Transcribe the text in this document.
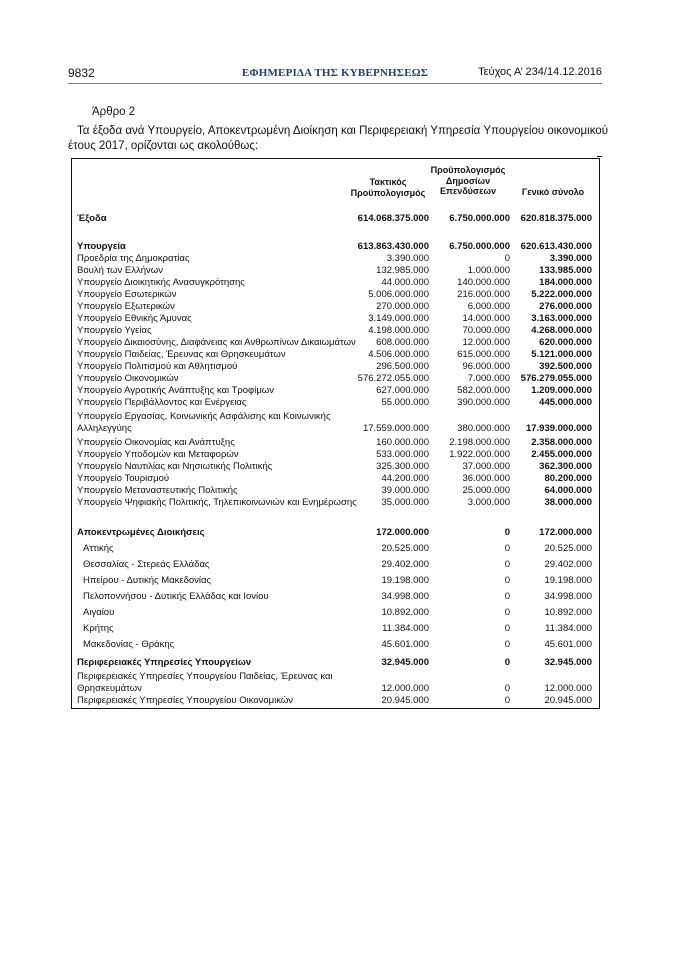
9832	ΕΦΗΜΕΡΙΔΑ ΤΗΣ ΚΥΒΕΡΝΗΣΕΩΣ	Τεύχος Α’ 234/14.12.2016
Άρθρο 2
Τα έξοδα ανά Υπουργείο, Αποκεντρωμένη Διοίκηση και Περιφερειακή Υπηρεσία Υπουργείου οικονομικού έτους 2017, ορίζονται ως ακολούθως:
Τακτικός Προϋπολογισμός
Προϋπολογισμός Δημοσίων Επενδύσεων	Γενικό σύνολο
Έξοδα	614.068.375.000 6.750.000.000 620.818.375.000
Υπουργεία	613.863.430.000 6.750.000.000 620.613.430.000
Προεδρία της Δημοκρατίας	3.390.000	0	3.390.000
Βουλή των Ελλήνων	132.985.000	1.000.000	133.985.000
Υπουργείο Διοικητικής Ανασυγκρότησης	44.000.000	140.000.000	184.000.000
Υπουργείο Εσωτερικών	5.006.000.000	216.000.000 5.222.000.000
Υπουργείο Εξωτερικών	270.000.000	6.000.000	276.000.000
Υπουργείο Εθνικής Άμυνας	3.149.000.000	14.000.000 3.163.000.000
Υπουργείο Υγείας	4.198.000.000	70.000.000 4.268.000.000
Υπουργείο Δικαιοσύνης, Διαφάνειας και Ανθρωπίνων Δικαιωμάτων 608.000.000	12.000.000	620.000.000
Υπουργείο Παιδείας, Έρευνας και Θρησκευμάτων	4.506.000.000	615.000.000 5.121.000.000
Υπουργείο Πολιτισμού και Αθλητισμού	296.500.000	96.000.000	392.500.000
Υπουργείο Οικονομικών	576.272.055.000	7.000.000 576.279.055.000
Υπουργείο Αγροτικής Ανάπτυξης και Τροφίμων	627.000.000	582.000.000 1.209.000.000
Υπουργείο Περιβάλλοντος και Ενέργειας	55.000.000	390.000.000	445.000.000
Υπουργείο Εργασίας, Κοινωνικής Ασφάλισης και Κοινωνικής
Αλληλεγγύης	17.559.000.000	380.000.000 17.939.000.000
Υπουργείο Οικονομίας και Ανάπτυξης	160.000.000 2.198.000.000 2.358.000.000
Υπουργείο Υποδομών και Μεταφορών	533.000.000 1.922.000.000 2.455.000.000
Υπουργείο Ναυτιλίας και Νησιωτικής Πολιτικής	325.300.000	37.000.000	362.300.000
Υπουργείο Τουρισμού	44.200.000	36.000.000	80.200.000
Υπουργείο Μεταναστευτικής Πολιτικής	39.000.000	25.000.000	64.000.000
Υπουργείο Ψηφιακής Πολιτικής, Τηλεπικοινωνιών και Ενημέρωσης	35.000.000	3.000.000	38.000.000
Αποκεντρωμένες Διοικήσεις	172.000.000	0	172.000.000
Αττικής	20.525.000	0	20.525.000
Θεσσαλίας - Στερεάς Ελλάδας	29.402.000	0	29.402.000
Ηπείρου - Δυτικής Μακεδονίας	19.198.000	0	19.198.000
Πελοποννήσου - Δυτικής Ελλάδας και Ιονίου	34.998.000	0	34.998.000
Αιγαίου	10.892.000	0	10.892.000
Κρήτης	11.384.000	0	11.384.000
Μακεδονίας - Θράκης	45.601.000	0	45.601.000
Περιφερειακές Υπηρεσίες Υπουργείων	32.945.000	0	32.945.000
Περιφερειακές Υπηρεσίες Υπουργείου Παιδείας, Έρευνας και
Θρησκευμάτων	12.000.000	0	12.000.000
Περιφερειακές Υπηρεσίες Υπουργείου Οικονομικών	20.945.000	0	20.945.000
